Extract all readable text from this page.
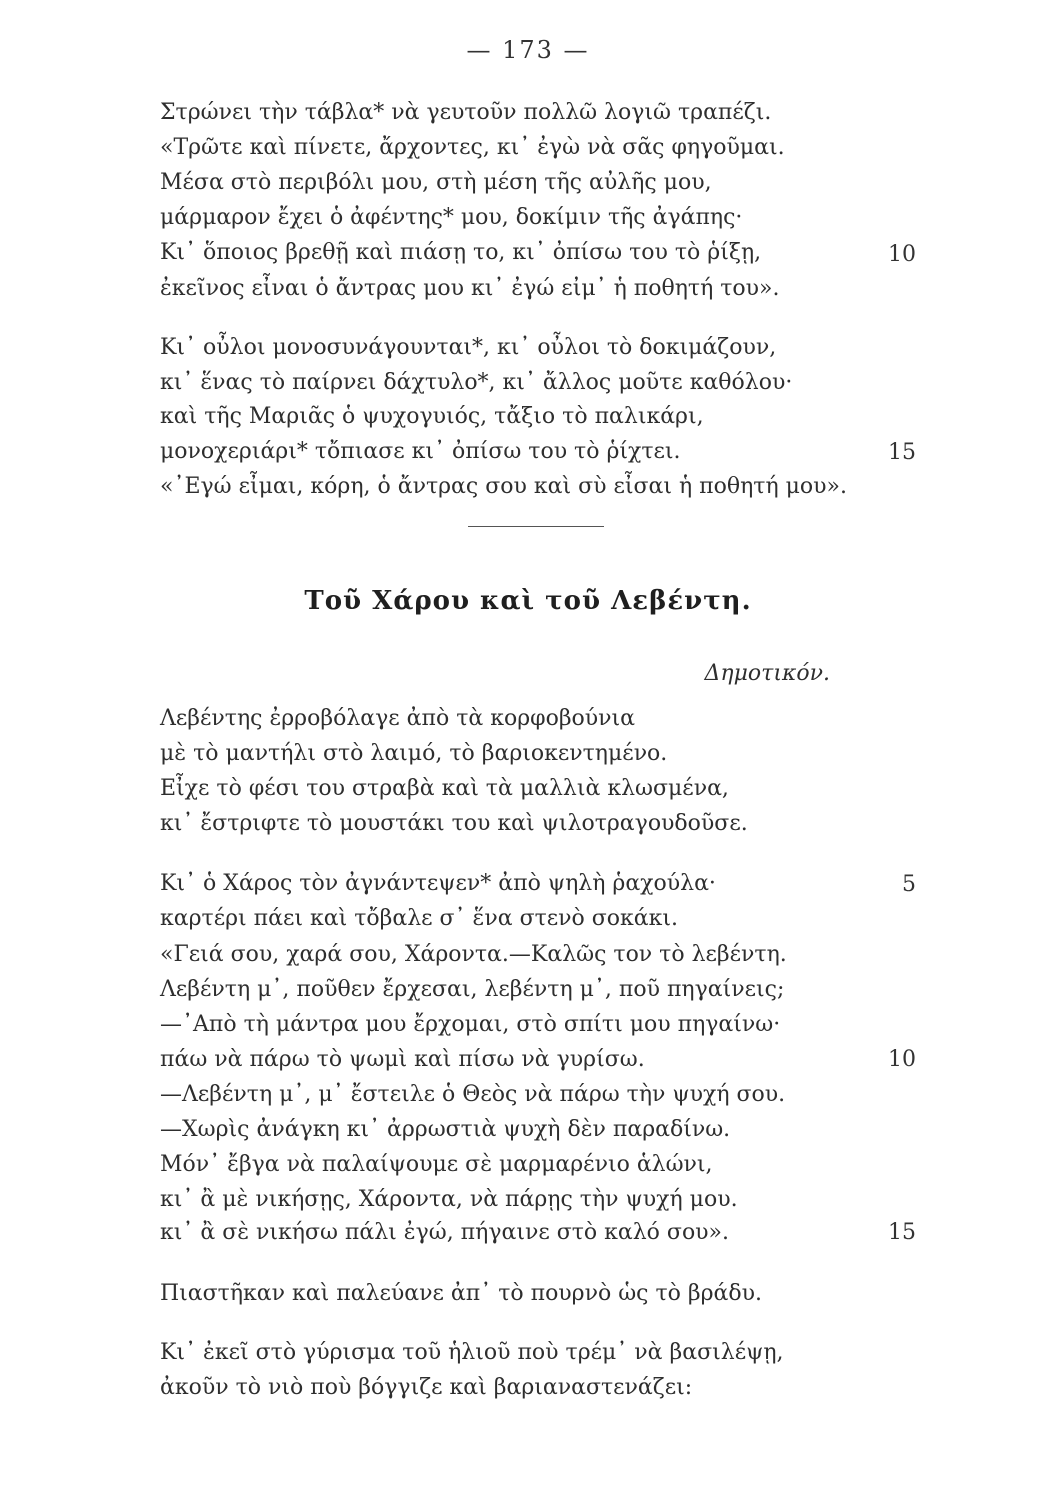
— 173 —
Στρώνει τὴν τάβλα* νὰ γευτοῦν πολλῶ λογιῶ τραπέζι.
«Τρῶτε καὶ πίνετε, ἄρχοντες, κι᾿ ἐγὼ νὰ σᾶς φηγοῦμαι.
Μέσα στὸ περιβόλι μου, στὴ μέση τῆς αὐλῆς μου,
μάρμαρον ἔχει ὁ ἀφέντης* μου, δοκίμιν τῆς ἀγάπης·
Κι᾿ ὅποιος βρεθῇ καὶ πιάσῃ το, κι᾿ ὀπίσω του τὸ ῥίξῃ,	10
ἐκεῖνος εἶναι ὁ ἄντρας μου κι᾿ ἐγώ εἰμ᾿ ἡ ποθητή του».
Κι᾿ οὖλοι μονοσυνάγουνται*, κι᾿ οὖλοι τὸ δοκιμάζουν,
κι᾿ ἕνας τὸ παίρνει δάχτυλο*, κι᾿ ἄλλος μοῦτε καθόλου·
καὶ τῆς Μαριᾶς ὁ ψυχογυιός, τἄξιο τὸ παλικάρι,
μονοχεριάρι* τὄπιασε κι᾿ ὀπίσω του τὸ ῥίχτει.	15
«᾿Εγώ εἶμαι, κόρη, ὁ ἄντρας σου καὶ σὺ εἶσαι ἡ ποθητή μου».
Τοῦ Χάρου καὶ τοῦ Λεβέντη.
Δημοτικόν.
Λεβέντης ἐρροβόλαγε ἀπὸ τὰ κορφοβούνια
μὲ τὸ μαντήλι στὸ λαιμό, τὸ βαριοκεντημένο.
Εἶχε τὸ φέσι του στραβὰ καὶ τὰ μαλλιὰ κλωσμένα,
κι᾿ ἔστριφτε τὸ μουστάκι του καὶ ψιλοτραγουδοῦσε.
Κι᾿ ὁ Χάρος τὸν ἀγνάντεψεν* ἀπὸ ψηλὴ ῥαχούλα·	5
καρτέρι πάει καὶ τὄβαλε σ᾿ ἕνα στενὸ σοκάκι.
«Γειά σου, χαρά σου, Χάροντα.—Καλῶς τον τὸ λεβέντη.
Λεβέντη μ᾿, ποῦθεν ἔρχεσαι, λεβέντη μ᾿, ποῦ πηγαίνεις;
—᾿Απὸ τὴ μάντρα μου ἔρχομαι, στὸ σπίτι μου πηγαίνω·
πάω νὰ πάρω τὸ ψωμὶ καὶ πίσω νὰ γυρίσω.	10
—Λεβέντη μ᾿, μ᾿ ἔστειλε ὁ Θεὸς νὰ πάρω τὴν ψυχή σου.
—Χωρὶς ἀνάγκη κι᾿ ἀρρωστιὰ ψυχὴ δὲν παραδίνω.
Μόν᾿ ἔβγα νὰ παλαίψουμε σὲ μαρμαρένιο ἁλώνι,
κι᾿ ἂ μὲ νικήσῃς, Χάροντα, νὰ πάρῃς τὴν ψυχή μου.
κι᾿ ἂ σὲ νικήσω πάλι ἐγώ, πήγαινε στὸ καλό σου».	15
Πιαστῆκαν καὶ παλεύανε ἀπ᾿ τὸ πουρνὸ ὡς τὸ βράδυ.
Κι᾿ ἐκεῖ στὸ γύρισμα τοῦ ἡλιοῦ ποὺ τρέμ᾿ νὰ βασιλέψῃ,
ἀκοῦν τὸ νιὸ ποὺ βόγγιζε καὶ βαριαναστενάζει:
